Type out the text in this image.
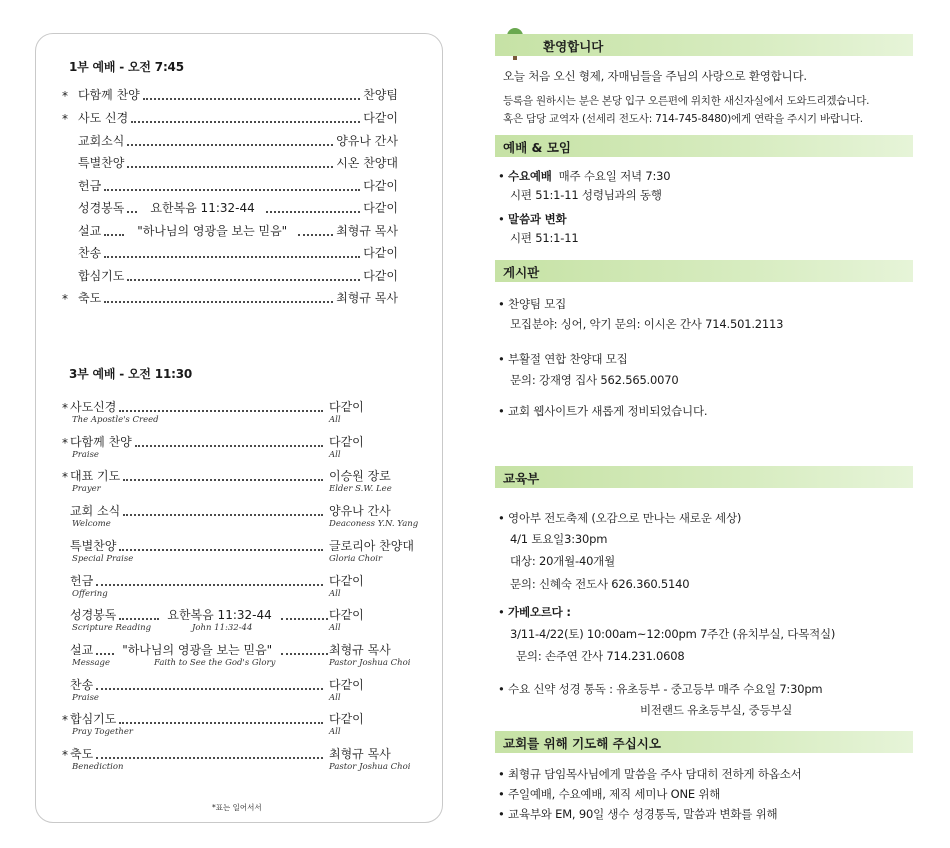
1부 예배 - 오전 7:45
* 다함께 찬양	찬양팀
* 사도 신경	다같이
교회소식	양유나 간사
특별찬양	시온 찬양대
헌금	다같이
성경봉독	요한복음 11:32-44	다같이
설교	"하나님의 영광을 보는 믿음"	최형규 목사
찬송	다같이
합심기도	다같이
* 축도	최형규 목사
3부 예배 - 오전 11:30
* 사도신경	다같이
The Apostle's Creed	All
* 다함께 찬양	다같이
Praise	All
* 대표 기도	이승원 장로
Prayer	Elder S.W. Lee
교회 소식	양유나 간사
Welcome	Deaconess Y.N. Yang
특별찬양	글로리아 찬양대
Special Praise	Gloria Choir
헌금	다같이
Offering	All
성경봉독	요한복음 11:32-44	다같이
Scripture Reading	John 11:32-44	All
설교	"하나님의 영광을 보는 믿음"	최형규 목사
Message	Faith to See the God's Glory	Pastor Joshua Choi
찬송	다같이
Praise	All
* 합심기도	다같이
Pray Together	All
* 축도	최형규 목사
Benediction	Pastor Joshua Choi
*표는 일어서서
환영합니다
오늘 처음 오신 형제, 자매님들을 주님의 사랑으로 환영합니다.
등록을 원하시는 분은 본당 입구 오른편에 위치한 새신자실에서 도와드리겠습니다.
혹은 담당 교역자 (선세리 전도사: 714-745-8480)에게 연락을 주시기 바랍니다.
예배 & 모임
• 수요예배 매주 수요일 저녁 7:30
시편 51:1-11 성령님과의 동행
• 말씀과 변화
시편 51:1-11
게시판
• 찬양팀 모집
모집분야: 싱어, 악기 문의: 이시온 간사 714.501.2113
• 부활절 연합 찬양대 모집
문의: 강재영 집사 562.565.0070
• 교회 웹사이트가 새롭게 정비되었습니다.
교육부
• 영아부 전도축제 (오감으로 만나는 새로운 세상)
4/1 토요일3:30pm
대상: 20개월-40개월
문의: 신혜숙 전도사 626.360.5140
• 가베오르다 :
3/11-4/22(토) 10:00am~12:00pm 7주간 (유치부실, 다목적실)
문의: 손주연 간사 714.231.0608
• 수요 신약 성경 통독 : 유초등부 - 중고등부 매주 수요일 7:30pm
비전랜드 유초등부실, 중등부실
교회를 위해 기도해 주십시오
• 최형규 담임목사님에게 말씀을 주사 담대히 전하게 하옵소서
• 주일예배, 수요예배, 제직 세미나 ONE 위해
• 교육부와 EM, 90일 생수 성경통독, 말씀과 변화를 위해
